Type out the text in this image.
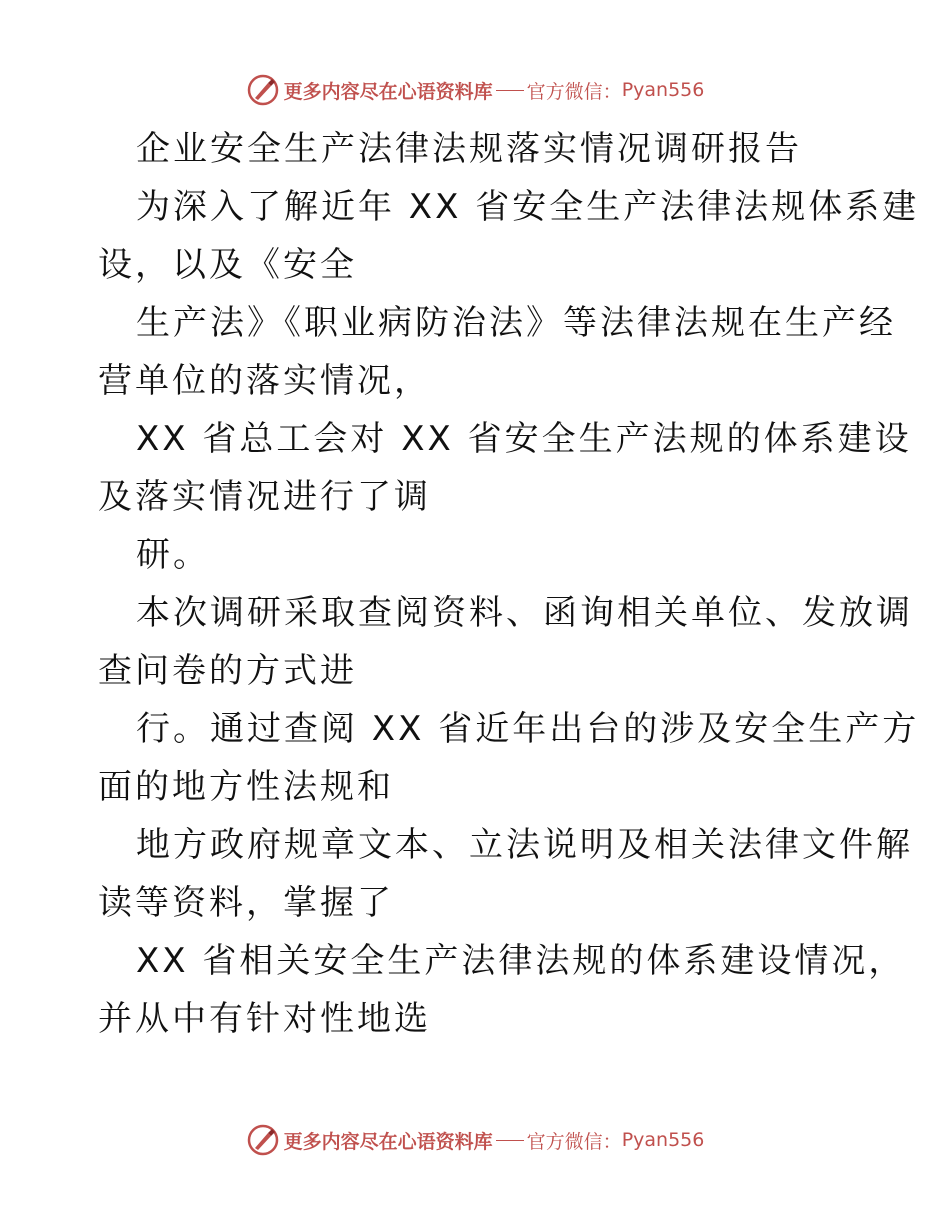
更多内容尽在心语资料库 官方微信： Pyan556
企业安全生产法律法规落实情况调研报告
为深入了解近年 XX 省安全生产法律法规体系建
设，以及《安全
生产法》《职业病防治法》等法律法规在生产经
营单位的落实情况，
XX 省总工会对 XX 省安全生产法规的体系建设
及落实情况进行了调
研。
本次调研采取查阅资料、函询相关单位、发放调
查问卷的方式进
行。通过查阅 XX 省近年出台的涉及安全生产方
面的地方性法规和
地方政府规章文本、立法说明及相关法律文件解
读等资料，掌握了
XX 省相关安全生产法律法规的体系建设情况，
并从中有针对性地选
更多内容尽在心语资料库 官方微信： Pyan556
